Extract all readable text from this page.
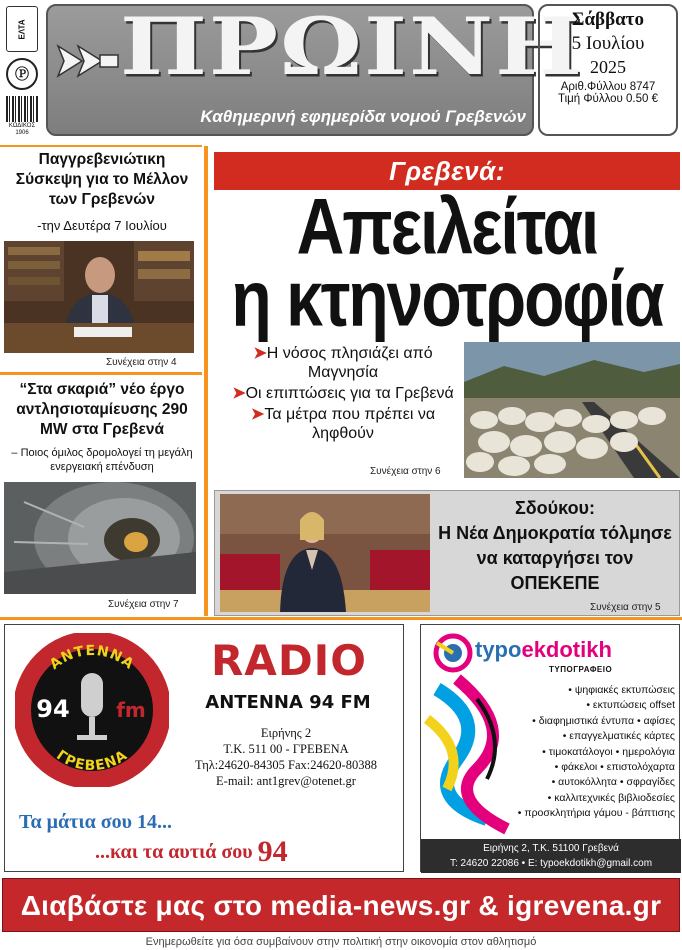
ΕΛΤΑ
Ⓟ
ΚΩΔΙΚΟΣ
1906
ΠΡΩΙΝΗ
Καθημερινή εφημερίδα νομού Γρεβενών
Σάββατο
5 Ιουλίου
2025
Αριθ.Φύλλου 8747
Τιμή Φύλλου 0.50 €
Παγγρεβενιώτικη Σύσκεψη για το Μέλλον των Γρεβενών
-την Δευτέρα 7 Ιουλίου
Συνέχεια στην 4
“Στα σκαριά” νέο έργο αντλησιοταμίευσης 290 MW στα Γρεβενά
– Ποιος όμιλος δρομολογεί τη μεγάλη ενεργειακή επένδυση
Συνέχεια στην 7
Γρεβενά:
Απειλείται
η κτηνοτροφία
➤Η νόσος πλησιάζει από Μαγνησία
➤Οι επιπτώσεις για τα Γρεβενά
➤Τα μέτρα που πρέπει να ληφθούν
Συνέχεια στην 6
Σδούκου:
Η Νέα Δημοκρατία τόλμησε να καταργήσει τον ΟΠΕΚΕΠΕ
Συνέχεια στην 5
ΑΝΤΕΝΝΑ
ΓΡΕΒΕΝΑ
94 fm
RADIO
ANTENNA 94 FM
Ειρήνης 2
Τ.Κ. 511 00 - ΓΡΕΒΕΝΑ
Τηλ:24620-84305 Fax:24620-80388
E-mail: ant1grev@otenet.gr
Τα μάτια σου 14...
...και τα αυτιά σου 94
typoekdotikh
ΤΥΠΟΓΡΑΦΕΙΟ
• ψηφιακές εκτυπώσεις
• εκτυπώσεις offset
• διαφημιστικά έντυπα • αφίσες
• επαγγελματικές κάρτες
• τιμοκατάλογοι • ημερολόγια
• φάκελοι • επιστολόχαρτα
• αυτοκόλλητα • σφραγίδες
• καλλιτεχνικές βιβλιοδεσίες
• προσκλητήρια γάμου - βάπτισης
Ειρήνης 2, Τ.Κ. 51100 Γρεβενά
Τ: 24620 22086 • E: typoekdotikh@gmail.com
Διαβάστε μας στο media-news.gr & igrevena.gr
Ενημερωθείτε για όσα συμβαίνουν στην πολιτική στην οικονομία στον αθλητισμό
